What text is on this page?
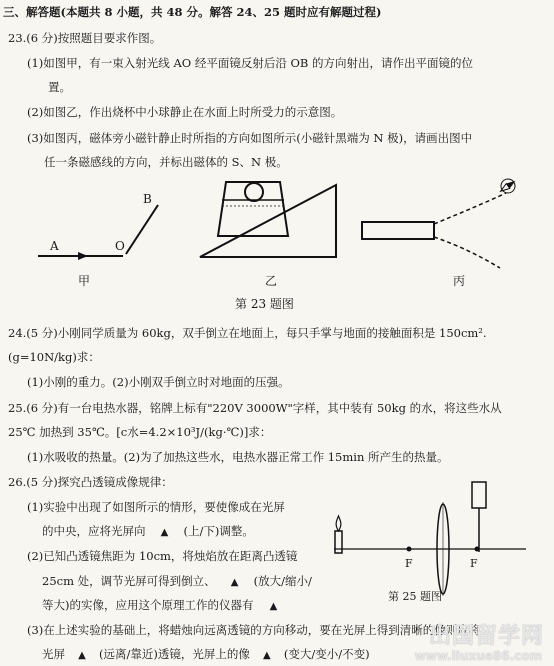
三、解答题(本题共 8 小题，共 48 分。解答 24、25 题时应有解题过程)
23.(6 分)按照题目要求作图。
(1)如图甲，有一束入射光线 AO 经平面镜反射后沿 OB 的方向射出，请作出平面镜的位
置。
(2)如图乙，作出烧杯中小球静止在水面上时所受力的示意图。
(3)如图丙，磁体旁小磁针静止时所指的方向如图所示(小磁针黑端为 N 极)，请画出图中
任一条磁感线的方向，并标出磁体的 S、N 极。
A	O
B
甲	乙	丙
第 23 题图
24.(5 分)小刚同学质量为 60kg，双手倒立在地面上，每只手掌与地面的接触面积是 150cm².
(g=10N/kg)求：
(1)小刚的重力。(2)小刚双手倒立时对地面的压强。
25.(6 分)有一台电热水器，铭牌上标有"220V 3000W"字样，其中装有 50kg 的水，将这些水从
25℃ 加热到 35℃。[c水=4.2×10³J/(kg·℃)]求：
(1)水吸收的热量。(2)为了加热这些水，电热水器正常工作 15min 所产生的热量。
26.(5 分)探究凸透镜成像规律：
(1)实验中出现了如图所示的情形，要使像成在光屏
的中央，应将光屏向 ▲ (上/下)调整。
(2)已知凸透镜焦距为 10cm，将烛焰放在距离凸透镜
25cm 处，调节光屏可得到倒立、 ▲ (放大/缩小/
等大)的实像，应用这个原理工作的仪器有 ▲
(3)在上述实验的基础上，将蜡烛向远离透镜的方向移动，要在光屏上得到清晰的像则应将
光屏 ▲ (远离/靠近)透镜，光屏上的像 ▲ (变大/变小/不变)
F	F
第 25 题图
出国留学网
www.liuxue86.com
